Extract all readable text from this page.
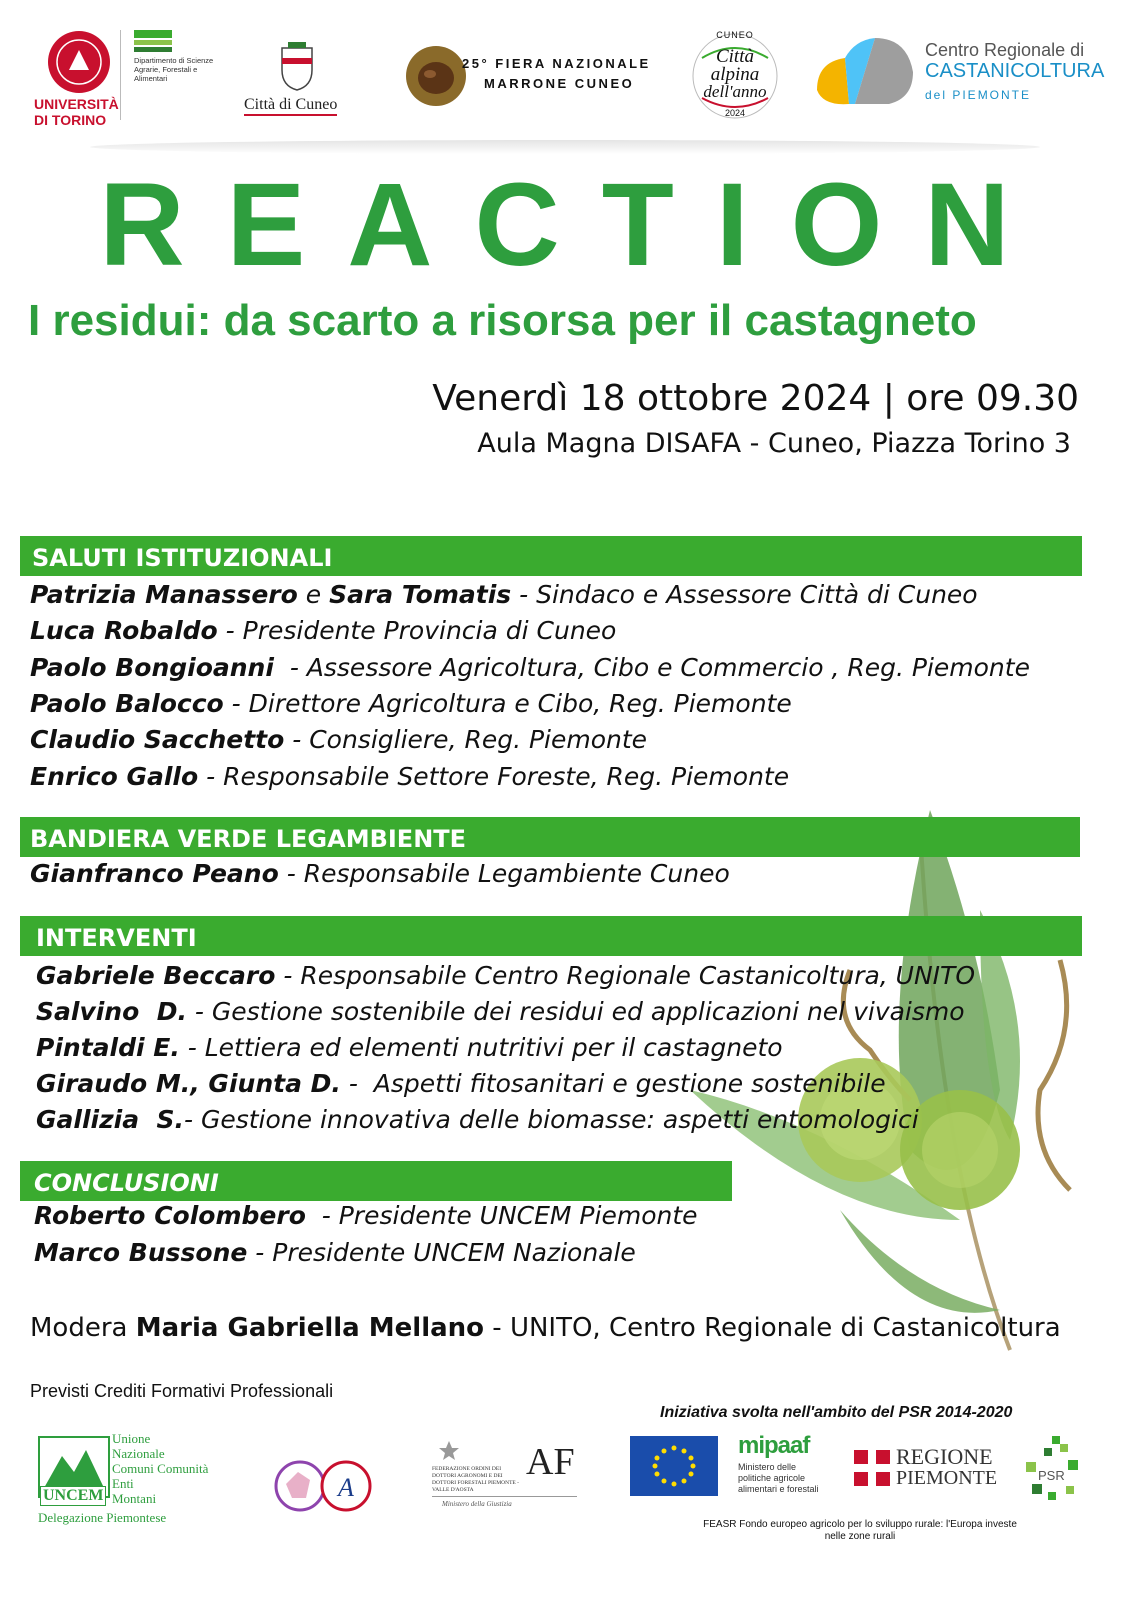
UNIVERSITÀ
DI TORINO
Dipartimento di Scienze Agrarie, Forestali e Alimentari
Città di Cuneo
25° FIERA NAZIONALE
MARRONE CUNEO
CUNEO
Città
alpina
dell'anno
2024
Centro Regionale di
CASTANICOLTURA
del PIEMONTE
REACTION
I residui: da scarto a risorsa per il castagneto
Venerdì 18 ottobre 2024 | ore 09.30
Aula Magna DISAFA - Cuneo, Piazza Torino 3
SALUTI ISTITUZIONALI
Patrizia Manassero e Sara Tomatis - Sindaco e Assessore Città di Cuneo
Luca Robaldo - Presidente Provincia di Cuneo
Paolo Bongioanni  - Assessore Agricoltura, Cibo e Commercio , Reg. Piemonte
Paolo Balocco - Direttore Agricoltura e Cibo, Reg. Piemonte
Claudio Sacchetto - Consigliere, Reg. Piemonte
Enrico Gallo - Responsabile Settore Foreste, Reg. Piemonte
BANDIERA VERDE LEGAMBIENTE
Gianfranco Peano - Responsabile Legambiente Cuneo
INTERVENTI
Gabriele Beccaro - Responsabile Centro Regionale Castanicoltura, UNITO
Salvino  D. - Gestione sostenibile dei residui ed applicazioni nel vivaismo
Pintaldi E. - Lettiera ed elementi nutritivi per il castagneto
Giraudo M., Giunta D. -  Aspetti fitosanitari e gestione sostenibile
Gallizia  S.- Gestione innovativa delle biomasse: aspetti entomologici
CONCLUSIONI
Roberto Colombero  - Presidente UNCEM Piemonte
Marco Bussone - Presidente UNCEM Nazionale
Modera Maria Gabriella Mellano - UNITO, Centro Regionale di Castanicoltura
Previsti Crediti Formativi Professionali
Iniziativa svolta nell'ambito del PSR 2014-2020
UNCEM
Unione
Nazionale
Comuni Comunità
Enti
Montani
Delegazione Piemontese
A
FEDERAZIONE ORDINI DEI DOTTORI AGRONOMI E DEI DOTTORI FORESTALI PIEMONTE - VALLE D'AOSTA
AF
Ministero della Giustizia
mipaaf
Ministero delle politiche agricole alimentari e forestali
REGIONE
PIEMONTE	PSR
FEASR Fondo europeo agricolo per lo sviluppo rurale: l'Europa investe nelle zone rurali
